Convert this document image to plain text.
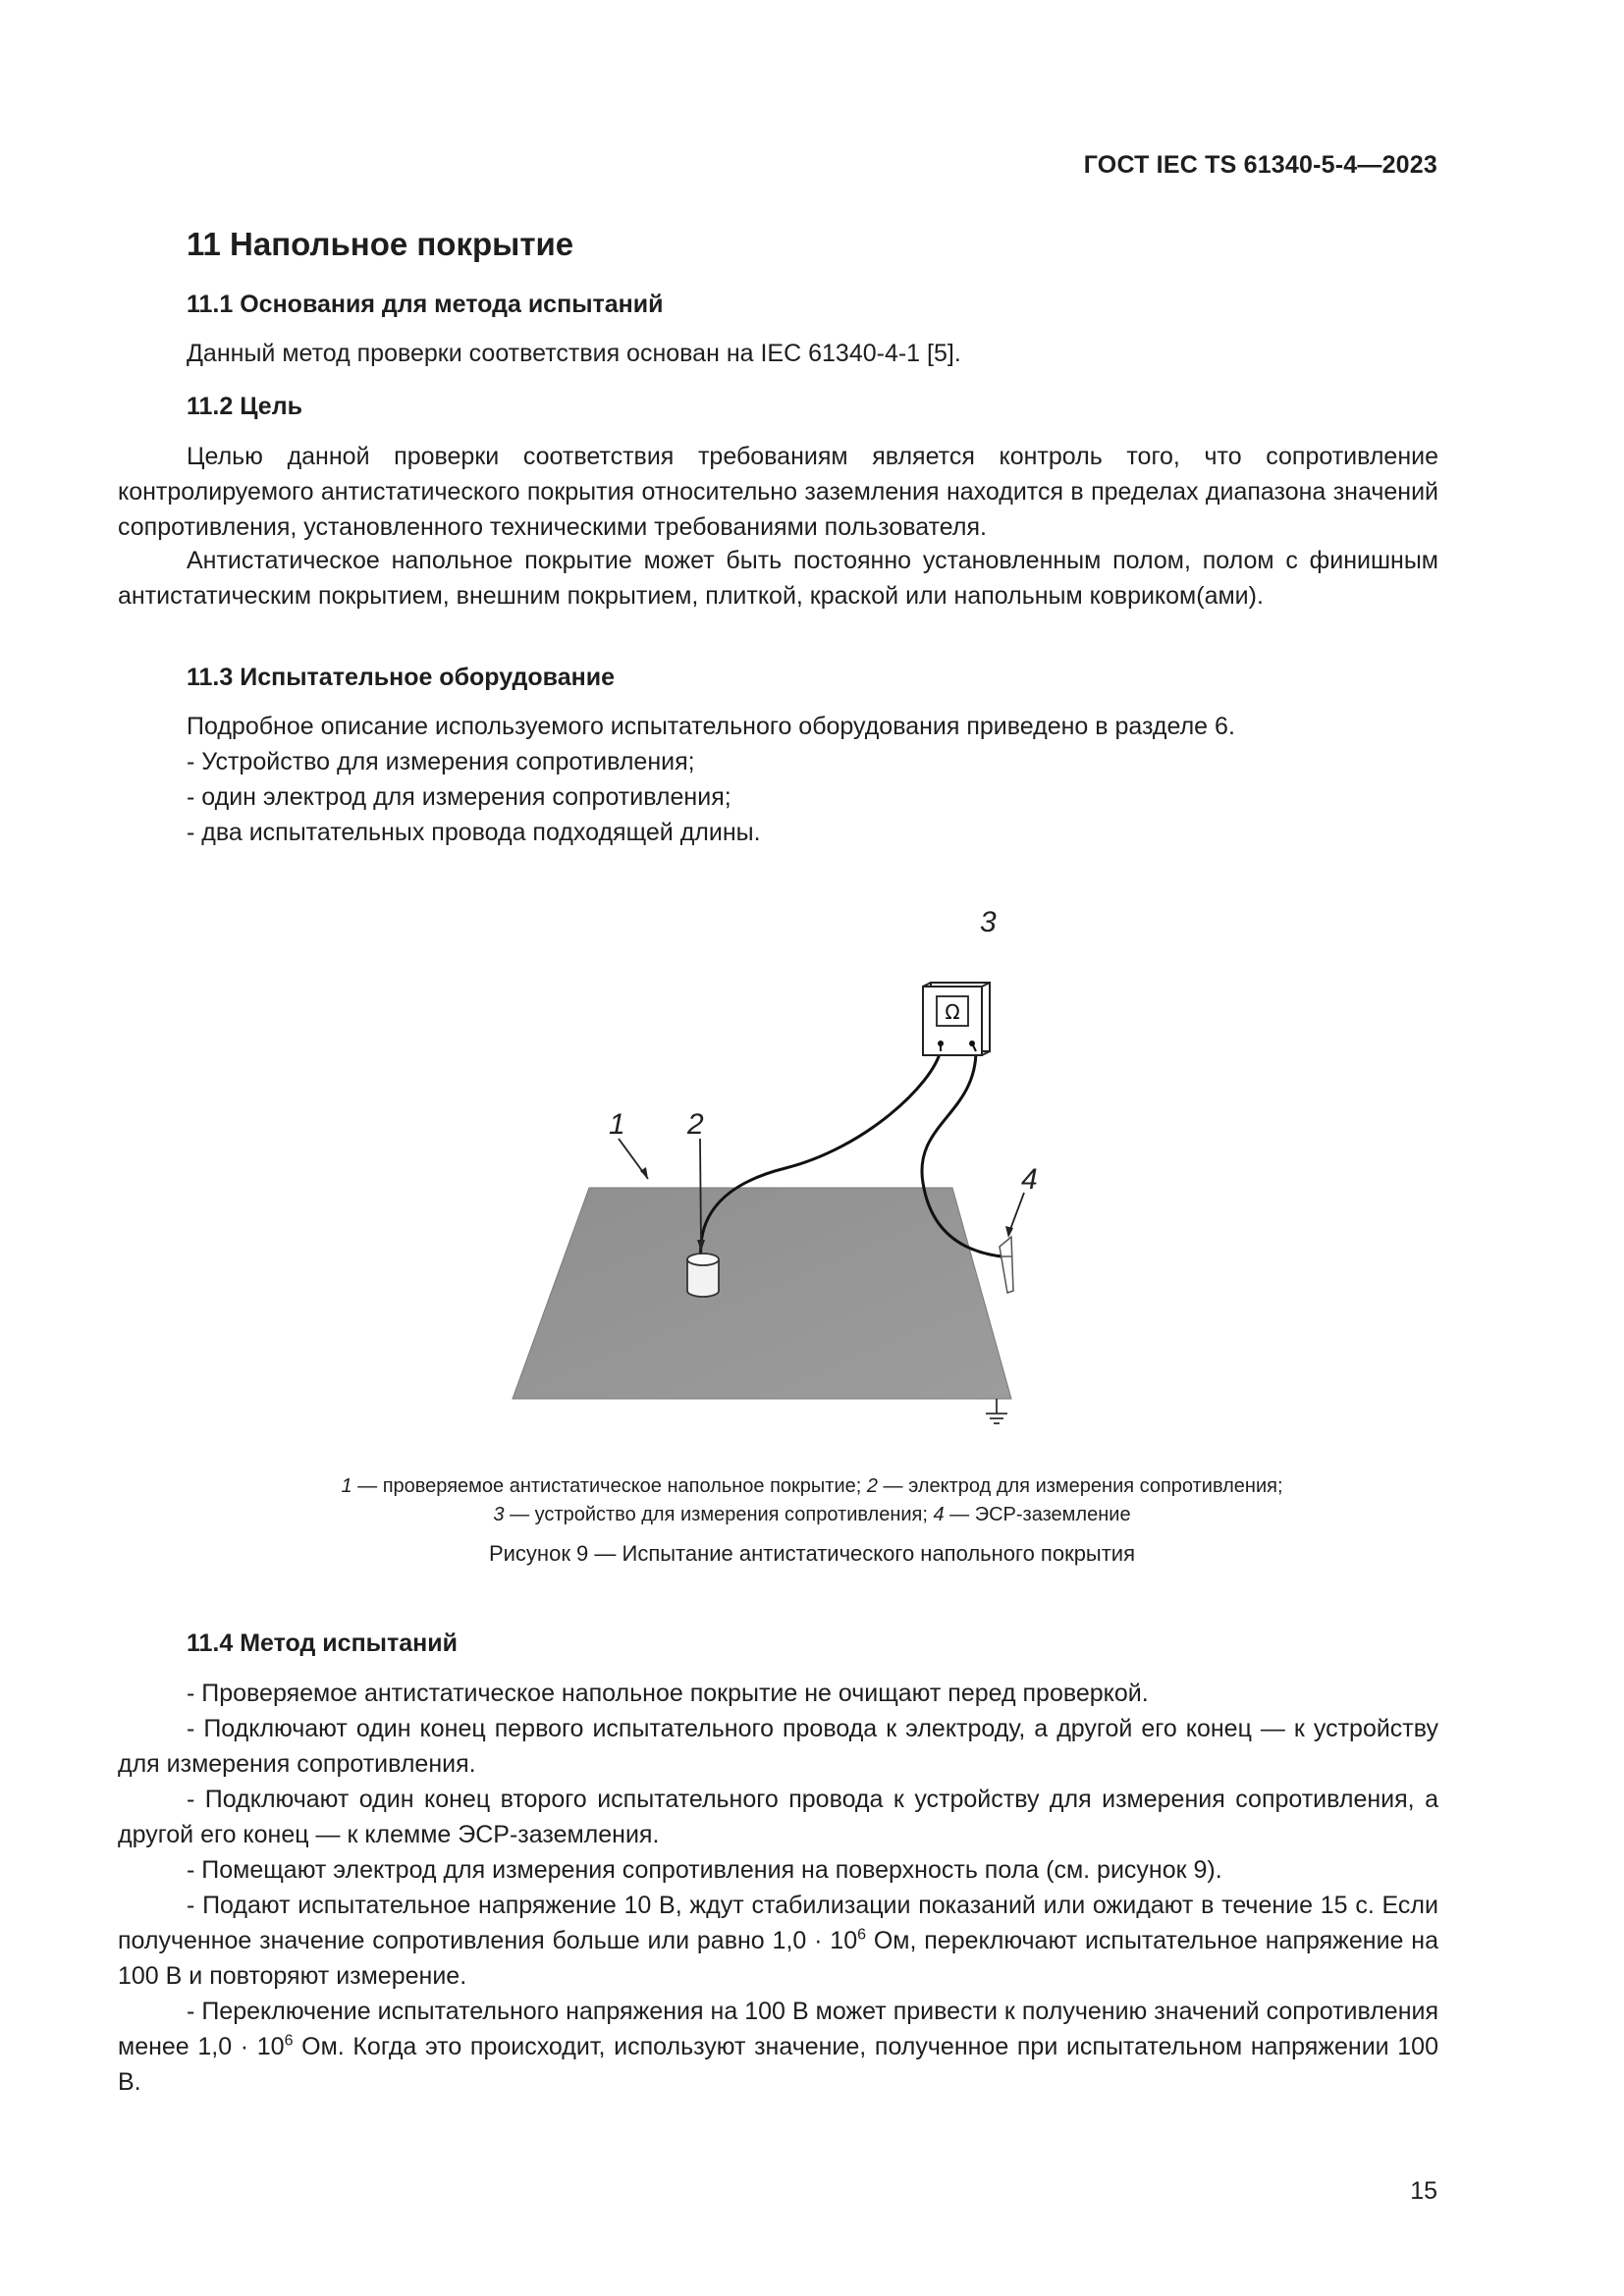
ГОСТ IEC TS 61340-5-4—2023
11 Напольное покрытие
11.1 Основания для метода испытаний
Данный метод проверки соответствия основан на IEC 61340-4-1 [5].
11.2 Цель
Целью данной проверки соответствия требованиям является контроль того, что сопротивление контролируемого антистатического покрытия относительно заземления находится в пределах диапазона значений сопротивления, установленного техническими требованиями пользователя.
Антистатическое напольное покрытие может быть постоянно установленным полом, полом с финишным антистатическим покрытием, внешним покрытием, плиткой, краской или напольным ковриком(ами).
11.3 Испытательное оборудование
Подробное описание используемого испытательного оборудования приведено в разделе 6.
- Устройство для измерения сопротивления;
- один электрод для измерения сопротивления;
- два испытательных провода подходящей длины.
Ω
1 2
3
4
1 — проверяемое антистатическое напольное покрытие; 2 — электрод для измерения сопротивления;
3 — устройство для измерения сопротивления; 4 — ЭСР-заземление
Рисунок 9 — Испытание антистатического напольного покрытия
11.4 Метод испытаний
- Проверяемое антистатическое напольное покрытие не очищают перед проверкой.
- Подключают один конец первого испытательного провода к электроду, а другой его конец — к устройству для измерения сопротивления.
- Подключают один конец второго испытательного провода к устройству для измерения сопротивления, а другой его конец — к клемме ЭСР-заземления.
- Помещают электрод для измерения сопротивления на поверхность пола (см. рисунок 9).
- Подают испытательное напряжение 10 В, ждут стабилизации показаний или ожидают в течение 15 с. Если полученное значение сопротивления больше или равно $1,0 \cdot 10^6$ Ом, переключают испытательное напряжение на 100 В и повторяют измерение.
- Переключение испытательного напряжения на 100 В может привести к получению значений сопротивления менее $1,0 \cdot 10^6$ Ом. Когда это происходит, используют значение, полученное при испытательном напряжении 100 В.
15
